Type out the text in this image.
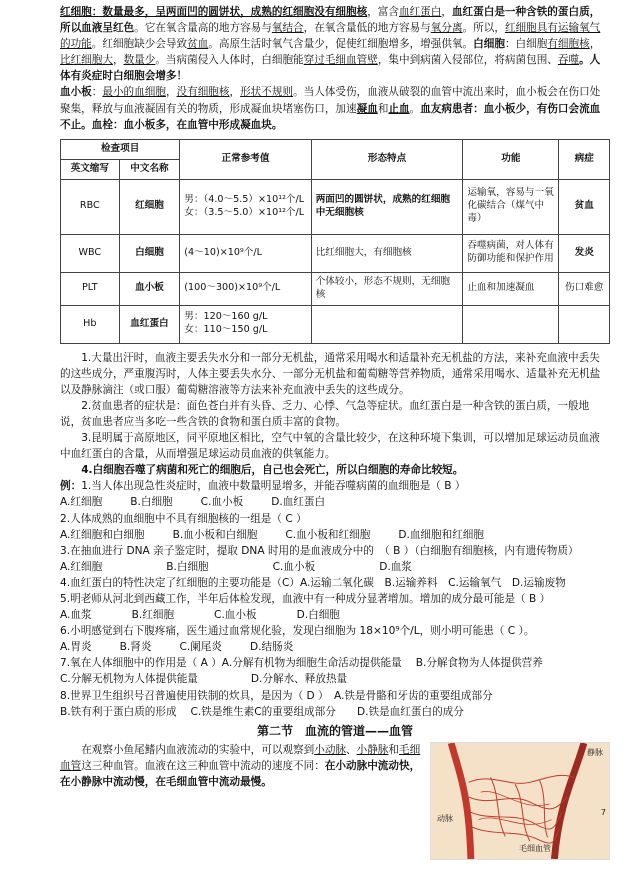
红细胞：数量最多，呈两面凹的圆饼状，成熟的红细胞没有细胞核，富含血红蛋白，血红蛋白是一种含铁的蛋白质，所以血液呈红色。它在氧含量高的地方容易与氧结合，在氧含量低的地方容易与氧分离。所以，红细胞具有运输氧气的功能。红细胞缺少会导致贫血。高原生活时氧气含量少，促使红细胞增多，增强供氧。白细胞：白细胞有细胞核，比红细胞大，数量少。当病菌侵入人体时，白细胞能穿过毛细血管壁，集中到病菌入侵部位，将病菌包围、吞噬。人体有炎症时白细胞会增多！

血小板：最小的血细胞，没有细胞核，形状不规则。当人体受伤，血液从破裂的血管中流出来时，血小板会在伤口处聚集，释放与血液凝固有关的物质，形成凝血块堵塞伤口，加速凝血和止血。血友病患者：血小板少，有伤口会流血不止。血栓：血小板多，在血管中形成凝血块。

检查项目		正常参考值	形态特点	功能	病症
英文缩写	中文名称				
RBC	红细胞	男：（4.0～5.5）×10¹²个/L
女：（3.5～5.0）×10¹²个/L	两面凹的圆饼状，成熟的红细胞中无细胞核	运输氧，容易与一氧化碳结合（煤气中毒）	贫血
WBC	白细胞	(4～10)×10⁹个/L	比红细胞大，有细胞核	吞噬病菌，对人体有防御功能和保护作用	发炎
PLT	血小板	(100～300)×10⁹个/L	个体较小，形态不规则，无细胞核	止血和加速凝血	伤口难愈
Hb	血红蛋白	男：120～160 g/L
女：110～150 g/L			

1.大量出汗时，血液主要丢失水分和一部分无机盐，通常采用喝水和适量补充无机盐的方法，来补充血液中丢失的这些成分，严重腹泻时，人体主要丢失水分、一部分无机盐和葡萄糖等营养物质，通常采用喝水、适量补充无机盐以及静脉滴注（或口服）葡萄糖溶液等方法来补充血液中丢失的这些成分。

2.贫血患者的症状是：面色苍白并有头昏、乏力、心悸、气急等症状。血红蛋白是一种含铁的蛋白质，一般地说，贫血患者应当多吃一些含铁的食物和蛋白质丰富的食物。

3.昆明属于高原地区，同平原地区相比，空气中氧的含量比较少，在这种环境下集训，可以增加足球运动员血液中血红蛋白的含量，从而增强足球运动员血液的供氧能力。

4.白细胞吞噬了病菌和死亡的细胞后，自己也会死亡，所以白细胞的寿命比较短。

例：1.当人体出现急性炎症时，血液中数量明显增多，并能吞噬病菌的血细胞是（ B ）

A.红细胞	B.白细胞	C.血小板	D.血红蛋白

2.人体成熟的血细胞中不具有细胞核的一组是（ C ）

A.红细胞和白细胞	B.血小板和白细胞	C.血小板和红细胞	D.血细胞和红细胞

3.在抽血进行 DNA 亲子鉴定时，提取 DNA 时用的是血液成分中的　（ B ）（白细胞有细胞核，内有遗传物质）

A.红细胞	B.白细胞	C.血小板	D.血浆

4.血红蛋白的特性决定了红细胞的主要功能是（C）A.运输二氧化碳　B.运输养料　C.运输氧气　D.运输废物

5.明老师从河北到西藏工作，半年后体检发现，血液中有一种成分显著增加。增加的成分最可能是（ B ）

A.血浆	B.红细胞	C.血小板	D.白细胞

6.小明感觉到右下腹疼痛，医生通过血常规化验，发现白细胞为 18×10⁹个/L，则小明可能患（ C ）。

A.胃炎	B.肾炎	C.阑尾炎	D.结肠炎

7.氧在人体细胞中的作用是（ A ）A.分解有机物为细胞生命活动提供能量　 B.分解食物为人体提供营养

C.分解无机物为人体提供能量　　　　　D.分解水、释放热量

8.世界卫生组织号召普遍使用铁制的炊具，是因为（ D ）　A.铁是骨骼和牙齿的重要组成部分

B.铁有利于蛋白质的形成　 C.铁是维生素C的重要组成部分　　D.铁是血红蛋白的成分

第二节　血流的管道——血管

在观察小鱼尾鳍内血液流动的实验中，可以观察到小动脉、小静脉和毛细血管这三种血管。血液在这三种血管中流动的速度不同：在小动脉中流动快，在小静脉中流动慢，在毛细血管中流动最慢。

静脉
动脉
毛细血管
7
